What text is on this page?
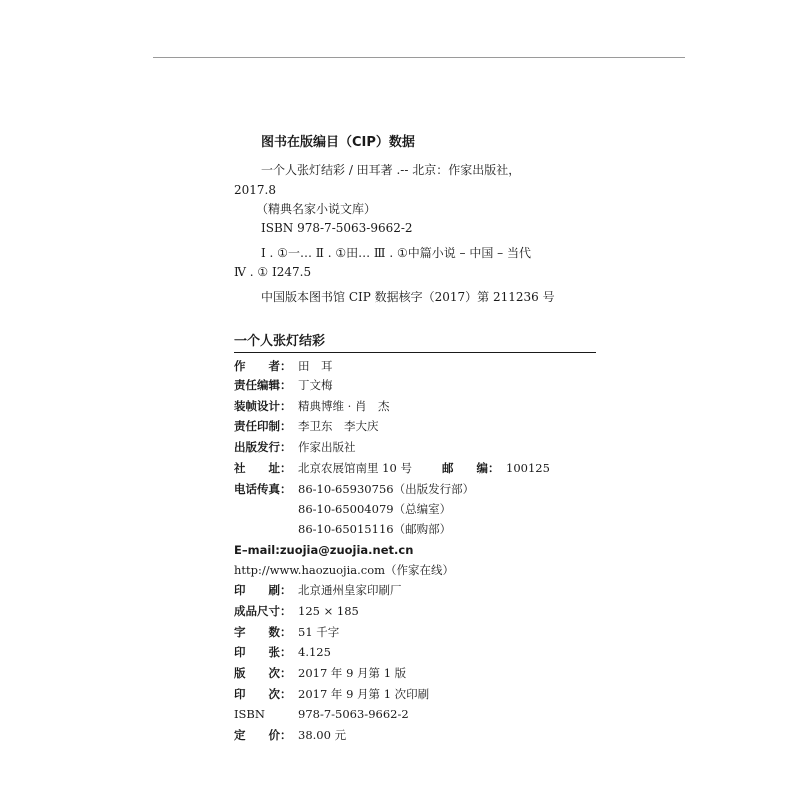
图书在版编目（CIP）数据
一个人张灯结彩 / 田耳著 .-- 北京：作家出版社，
2017.8
（精典名家小说文库）
ISBN 978-7-5063-9662-2
Ⅰ . ①一… Ⅱ . ①田… Ⅲ . ①中篇小说 – 中国 – 当代
Ⅳ . ① I247.5
中国版本图书馆 CIP 数据核字（2017）第 211236 号
一个人张灯结彩
作　　者： 田　耳
责任编辑： 丁文梅
装帧设计： 精典博维 · 肖　杰
责任印制： 李卫东　李大庆
出版发行： 作家出版社
社　　址： 北京农展馆南里 10 号	邮　　编： 100125
电话传真： 86-10-65930756（出版发行部）
86-10-65004079（总编室）
86-10-65015116（邮购部）
E–mail:zuojia@zuojia.net.cn
http://www.haozuojia.com（作家在线）
印　　刷： 北京通州皇家印刷厂
成品尺寸： 125 × 185
字　　数： 51 千字
印　　张： 4.125
版　　次： 2017 年 9 月第 1 版
印　　次： 2017 年 9 月第 1 次印刷
ISBN	978-7-5063-9662-2
定　　价： 38.00 元
